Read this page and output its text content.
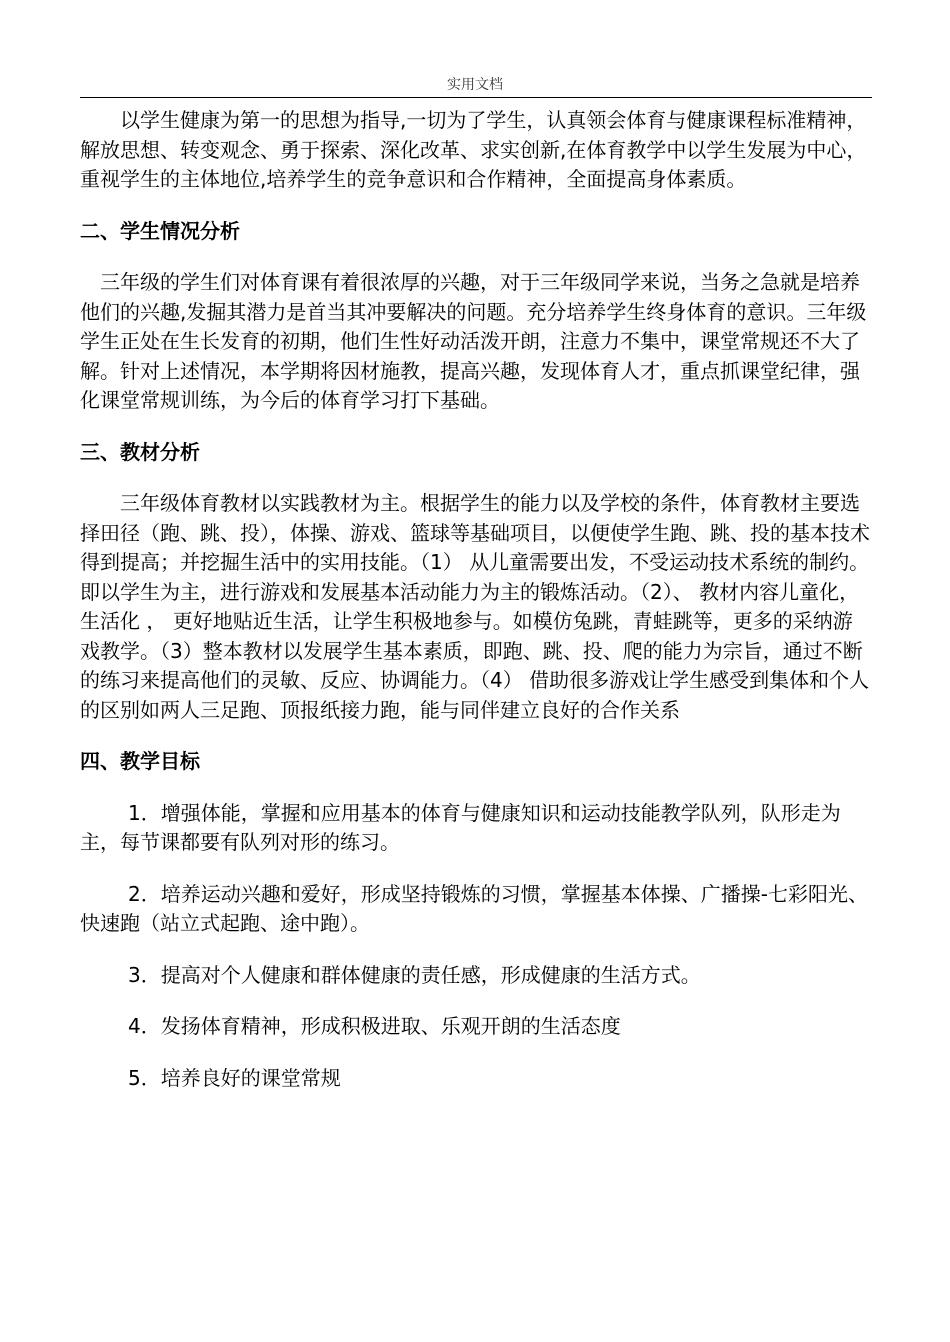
实用文档

以学生健康为第一的思想为指导,一切为了学生，认真领会体育与健康课程标准精神，解放思想、转变观念、勇于探索、深化改革、求实创新,在体育教学中以学生发展为中心，重视学生的主体地位,培养学生的竞争意识和合作精神，全面提高身体素质。

二、学生情况分析

三年级的学生们对体育课有着很浓厚的兴趣，对于三年级同学来说，当务之急就是培养他们的兴趣,发掘其潜力是首当其冲要解决的问题。充分培养学生终身体育的意识。三年级学生正处在生长发育的初期，他们生性好动活泼开朗，注意力不集中，课堂常规还不大了解。针对上述情况，本学期将因材施教，提高兴趣，发现体育人才，重点抓课堂纪律，强化课堂常规训练，为今后的体育学习打下基础。

三、教材分析

三年级体育教材以实践教材为主。根据学生的能力以及学校的条件，体育教材主要选择田径（跑、跳、投），体操、游戏、篮球等基础项目，以便使学生跑、跳、投的基本技术得到提高；并挖掘生活中的实用技能。（1） 从儿童需要出发，不受运动技术系统的制约。即以学生为主，进行游戏和发展基本活动能力为主的锻炼活动。（2）、 教材内容儿童化，生活化 ， 更好地贴近生活，让学生积极地参与。如模仿兔跳，青蛙跳等，更多的采纳游戏教学。（3）整本教材以发展学生基本素质，即跑、跳、投、爬的能力为宗旨，通过不断的练习来提高他们的灵敏、反应、协调能力。（4） 借助很多游戏让学生感受到集体和个人的区别如两人三足跑、顶报纸接力跑，能与同伴建立良好的合作关系

四、教学目标

1．增强体能，掌握和应用基本的体育与健康知识和运动技能教学队列，队形走为主，每节课都要有队列对形的练习。

2．培养运动兴趣和爱好，形成坚持锻炼的习惯，掌握基本体操、广播操-七彩阳光、快速跑（站立式起跑、途中跑）。

3．提高对个人健康和群体健康的责任感，形成健康的生活方式。

4．发扬体育精神，形成积极进取、乐观开朗的生活态度

5．培养良好的课堂常规
